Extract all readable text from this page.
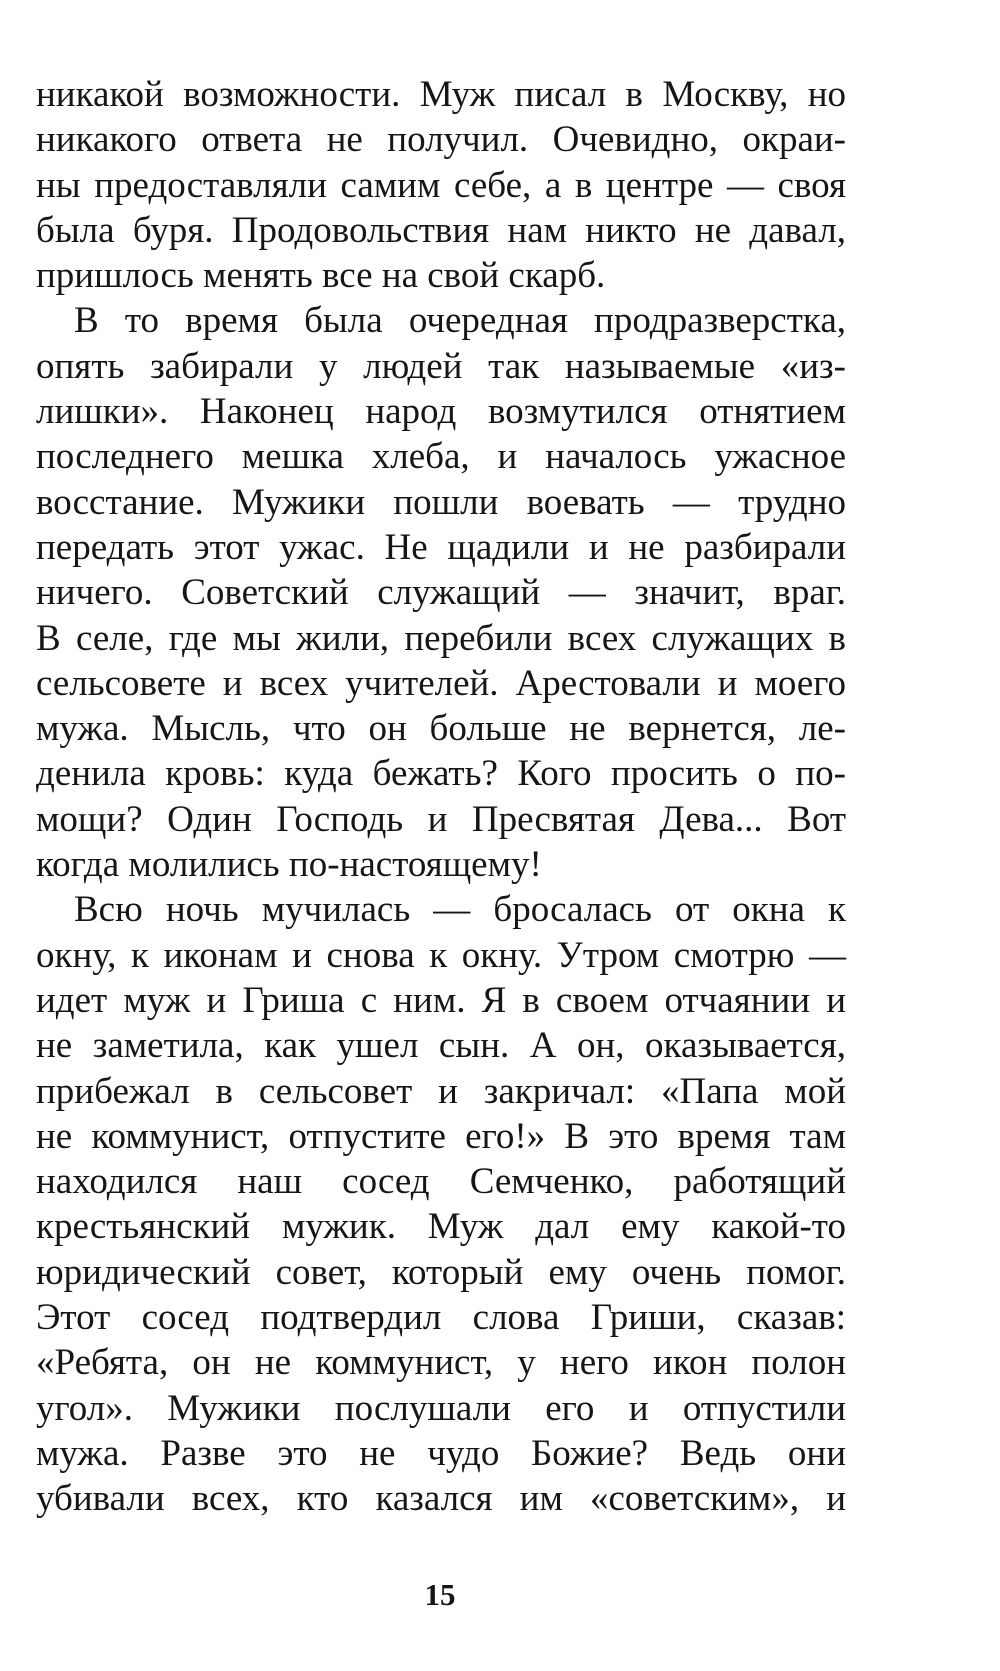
никакой возможности. Муж писал в Москву, но
никакого ответа не получил. Очевидно, окраи-
ны предоставляли самим себе, а в центре — своя
была буря. Продовольствия нам никто не давал,
пришлось менять все на свой скарб.
В то время была очередная продразверстка,
опять забирали у людей так называемые «из-
лишки». Наконец народ возмутился отнятием
последнего мешка хлеба, и началось ужасное
восстание. Мужики пошли воевать — трудно
передать этот ужас. Не щадили и не разбирали
ничего. Советский служащий — значит, враг.
В селе, где мы жили, перебили всех служащих в
сельсовете и всех учителей. Арестовали и моего
мужа. Мысль, что он больше не вернется, ле-
денила кровь: куда бежать? Кого просить о по-
мощи? Один Господь и Пресвятая Дева... Вот
когда молились по-настоящему!
Всю ночь мучилась — бросалась от окна к
окну, к иконам и снова к окну. Утром смотрю —
идет муж и Гриша с ним. Я в своем отчаянии и
не заметила, как ушел сын. А он, оказывается,
прибежал в сельсовет и закричал: «Папа мой
не коммунист, отпустите его!» В это время там
находился наш сосед Семченко, работящий
крестьянский мужик. Муж дал ему какой-то
юридический совет, который ему очень помог.
Этот сосед подтвердил слова Гриши, сказав:
«Ребята, он не коммунист, у него икон полон
угол». Мужики послушали его и отпустили
мужа. Разве это не чудо Божие? Ведь они
убивали всех, кто казался им «советским», и
15
